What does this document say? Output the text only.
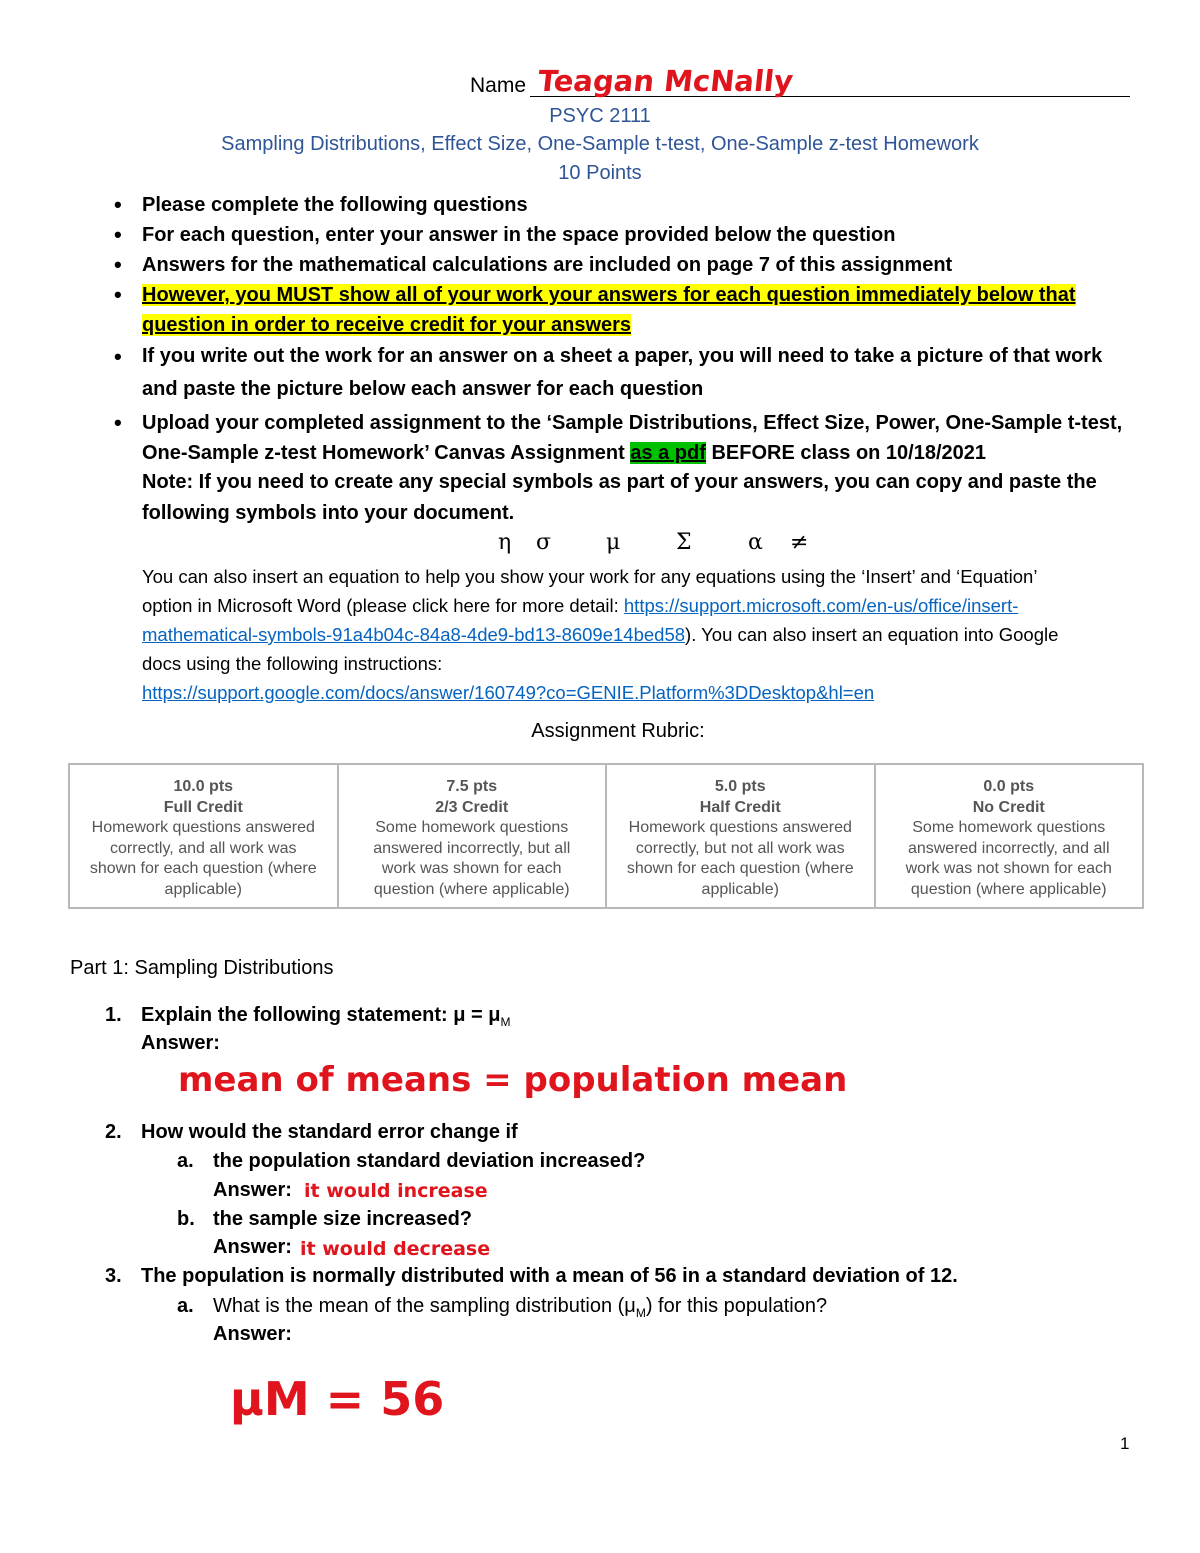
Name Teagan McNally
PSYC 2111
Sampling Distributions, Effect Size, One-Sample t-test, One-Sample z-test Homework
10 Points
• Please complete the following questions
• For each question, enter your answer in the space provided below the question
• Answers for the mathematical calculations are included on page 7 of this assignment
• However, you MUST show all of your work your answers for each question immediately below that
question in order to receive credit for your answers
• If you write out the work for an answer on a sheet a paper, you will need to take a picture of that work
and paste the picture below each answer for each question
• Upload your completed assignment to the ‘Sample Distributions, Effect Size, Power, One-Sample t-test,
One-Sample z-test Homework’ Canvas Assignment as a pdf BEFORE class on 10/18/2021
Note: If you need to create any special symbols as part of your answers, you can copy and paste the
following symbols into your document.
η σ μ	Σ	α ≠
You can also insert an equation to help you show your work for any equations using the ‘Insert’ and ‘Equation’
option in Microsoft Word (please click here for more detail: https://support.microsoft.com/en-us/office/insert-
mathematical-symbols-91a4b04c-84a8-4de9-bd13-8609e14bed58). You can also insert an equation into Google
docs using the following instructions:
https://support.google.com/docs/answer/160749?co=GENIE.Platform%3DDesktop&hl=en
Assignment Rubric:
10.0 pts
Full Credit
Homework questions answered correctly, and all work was shown for each question (where applicable)
7.5 pts
2/3 Credit
Some homework questions answered incorrectly, but all work was shown for each question (where applicable)
5.0 pts
Half Credit
Homework questions answered correctly, but not all work was shown for each question (where applicable)
0.0 pts
No Credit
Some homework questions answered incorrectly, and all work was not shown for each question (where applicable)
Part 1: Sampling Distributions
1. Explain the following statement: $\mu = \mu_M$
Answer:
mean of means = population mean
2. How would the standard error change if
a. the population standard deviation increased?
Answer:
b. the sample size increased?
Answer:
it would increase
it would decrease
3. The population is normally distributed with a mean of 56 in a standard deviation of 12.
a. What is the mean of the sampling distribution $(\mu_M)$ for this population?
Answer:
μM = 56
1
